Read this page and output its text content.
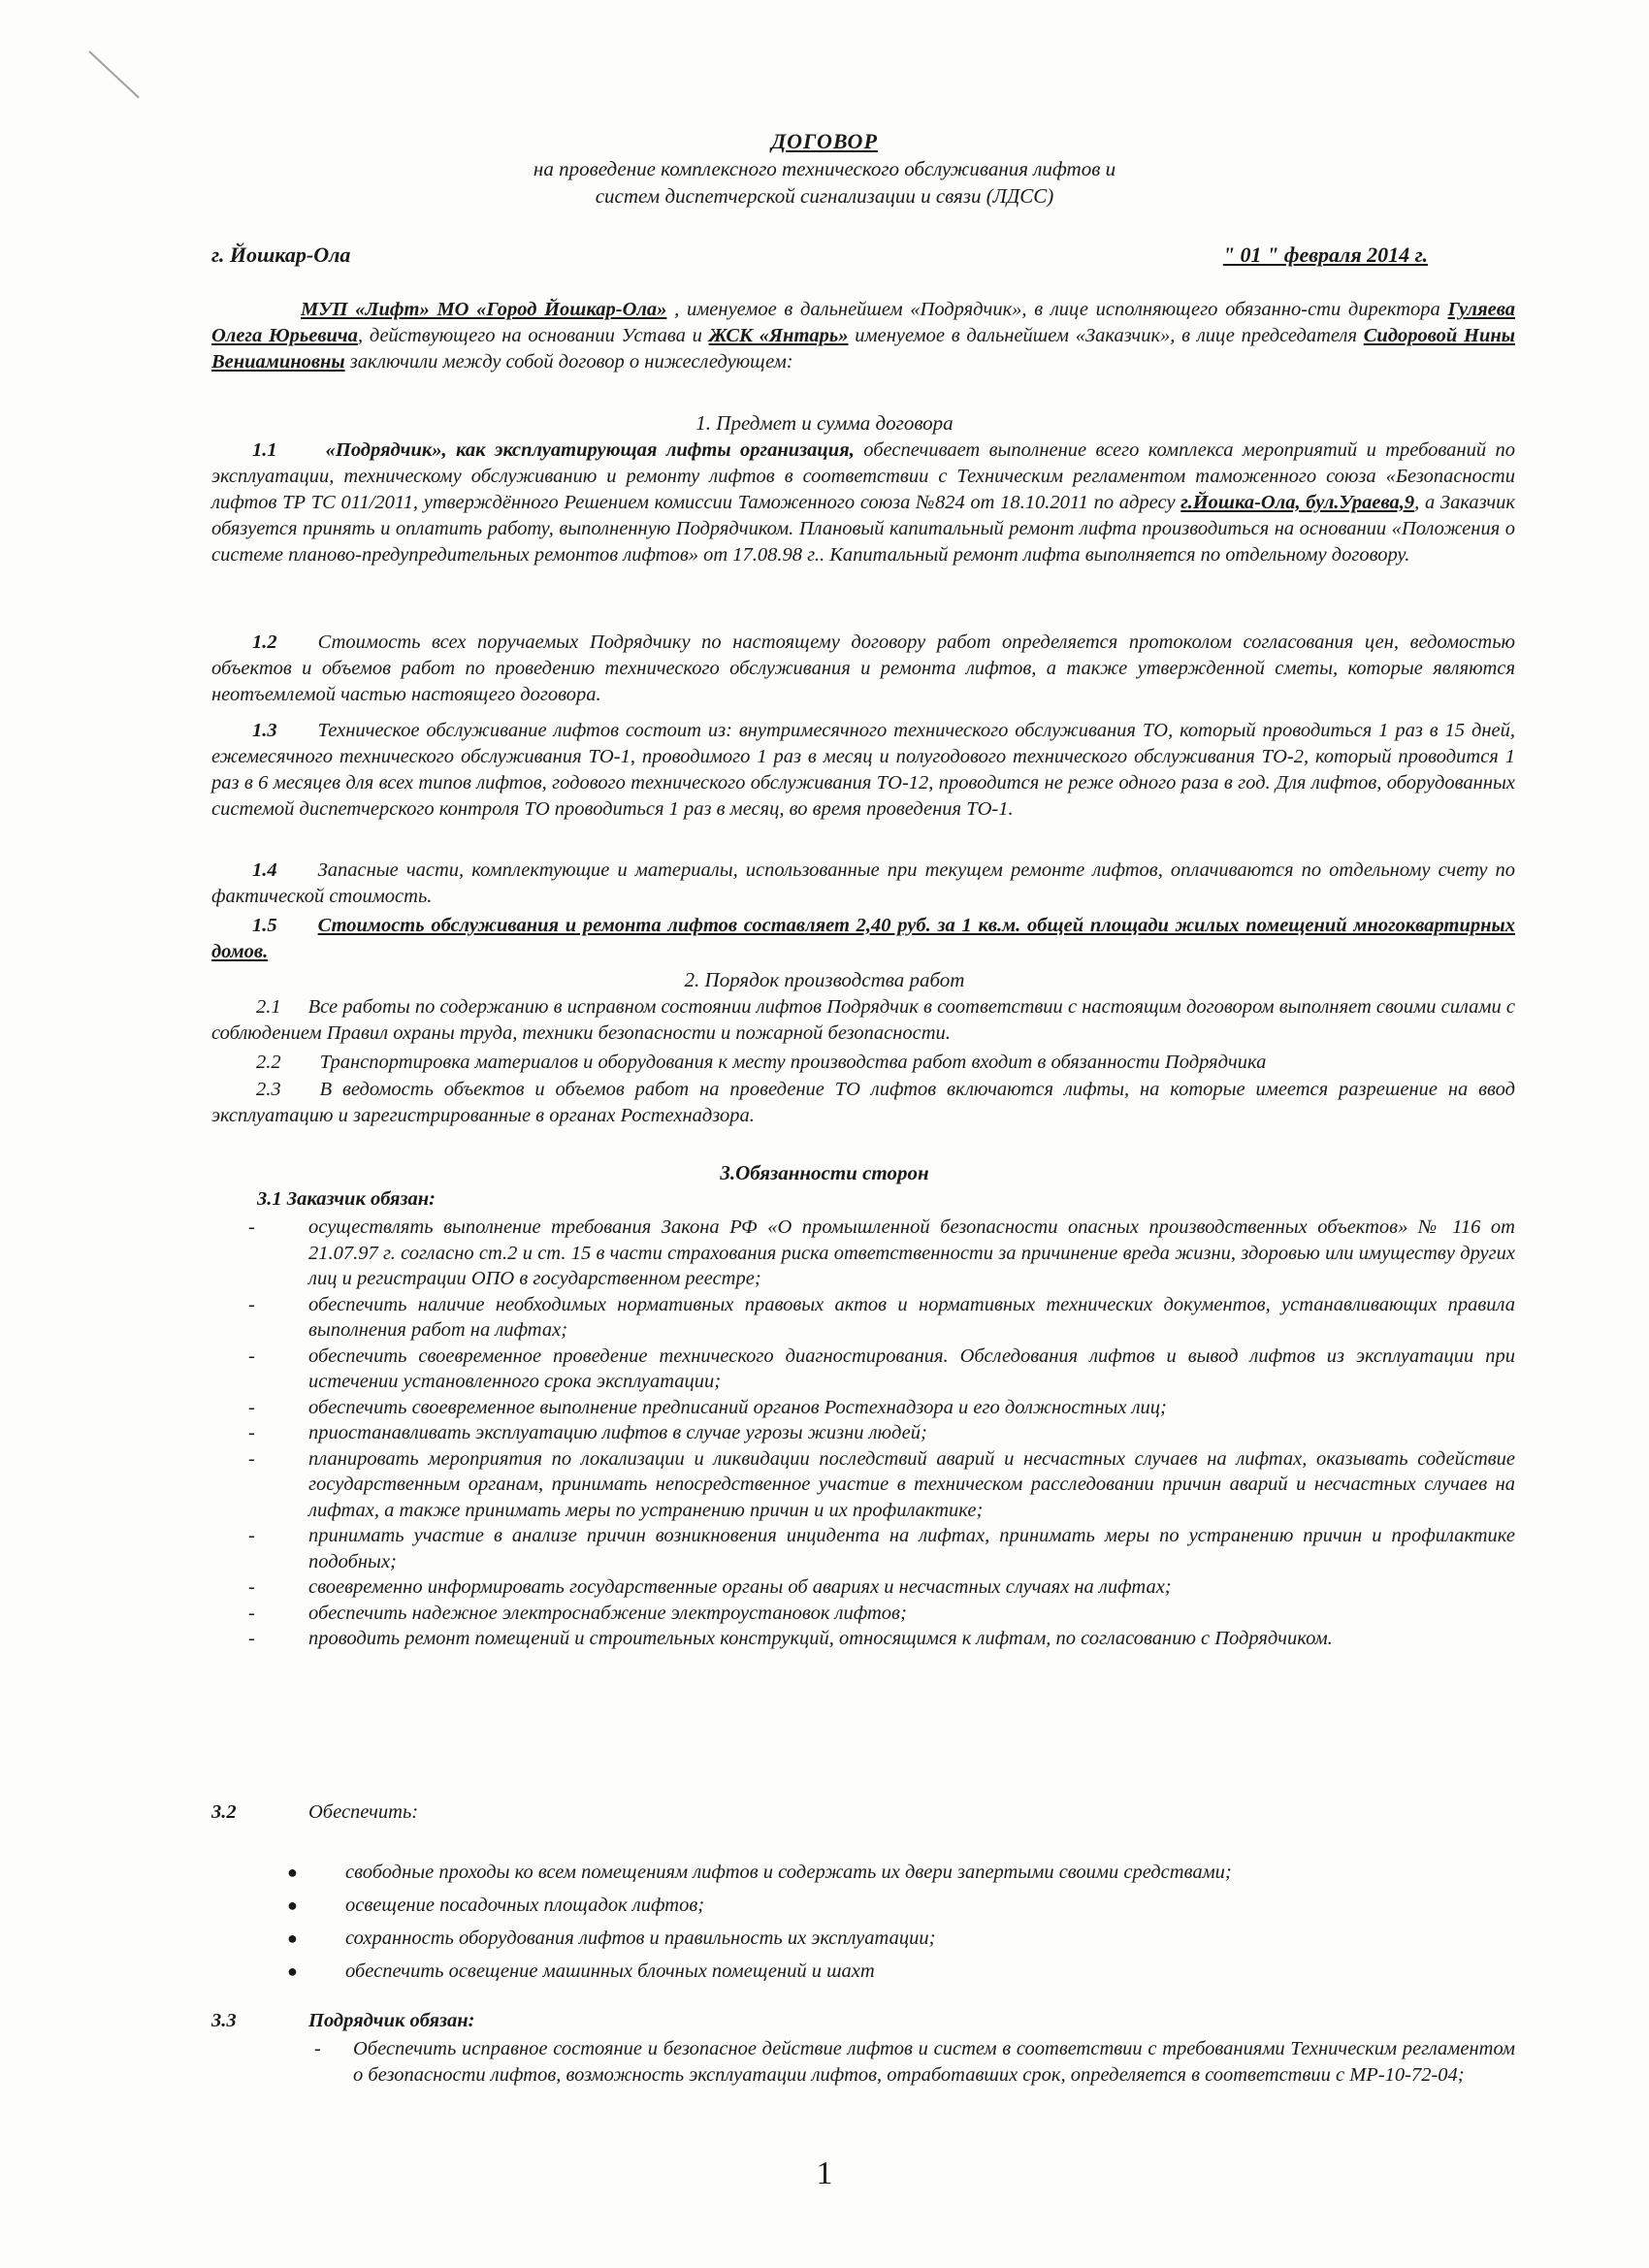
ДОГОВОР
на проведение комплексного технического обслуживания лифтов и
систем диспетчерской сигнализации и связи (ЛДСС)
г. Йошкар-Ола	" 01 " февраля 2014 г.
МУП «Лифт» МО «Город Йошкар-Ола» , именуемое в дальнейшем «Подрядчик», в лице исполняющего обязанно-сти директора Гуляева Олега Юрьевича, действующего на основании Устава и ЖСК «Янтарь» именуемое в дальнейшем «Заказчик», в лице председателя Сидоровой Нины Вениаминовны заключили между собой договор о нижеследующем:
1. Предмет и сумма договора
1.1 «Подрядчик», как эксплуатирующая лифты организация, обеспечивает выполнение всего комплекса мероприятий и требований по эксплуатации, техническому обслуживанию и ремонту лифтов в соответствии с Техническим регламентом таможенного союза «Безопасности лифтов ТР ТС 011/2011, утверждённого Решением комиссии Таможенного союза №824 от 18.10.2011 по адресу г.Йошка-Ола, бул.Ураева,9, а Заказчик обязуется принять и оплатить работу, выполненную Подрядчиком. Плановый капитальный ремонт лифта производиться на основании «Положения о системе планово-предупредительных ремонтов лифтов» от 17.08.98 г.. Капитальный ремонт лифта выполняется по отдельному договору.
1.2 Стоимость всех поручаемых Подрядчику по настоящему договору работ определяется протоколом согласования цен, ведомостью объектов и объемов работ по проведению технического обслуживания и ремонта лифтов, а также утвержденной сметы, которые являются неотъемлемой частью настоящего договора.
1.3 Техническое обслуживание лифтов состоит из: внутримесячного технического обслуживания ТО, который проводиться 1 раз в 15 дней, ежемесячного технического обслуживания ТО-1, проводимого 1 раз в месяц и полугодового технического обслуживания ТО-2, который проводится 1 раз в 6 месяцев для всех типов лифтов, годового технического обслуживания ТО-12, проводится не реже одного раза в год. Для лифтов, оборудованных системой диспетчерского контроля ТО проводиться 1 раз в месяц, во время проведения ТО-1.
1.4 Запасные части, комплектующие и материалы, использованные при текущем ремонте лифтов, оплачиваются по отдельному счету по фактической стоимость.
1.5 Стоимость обслуживания и ремонта лифтов составляет 2,40 руб. за 1 кв.м. общей площади жилых помещений многоквартирных домов.
2. Порядок производства работ
2.1 Все работы по содержанию в исправном состоянии лифтов Подрядчик в соответствии с настоящим договором выполняет своими силами с соблюдением Правил охраны труда, техники безопасности и пожарной безопасности.
2.2 Транспортировка материалов и оборудования к месту производства работ входит в обязанности Подрядчика
2.3 В ведомость объектов и объемов работ на проведение ТО лифтов включаются лифты, на которые имеется разрешение на ввод эксплуатацию и зарегистрированные в органах Ростехнадзора.
3.Обязанности сторон
3.1 Заказчик обязан:
-	осуществлять выполнение требования Закона РФ «О промышленной безопасности опасных производственных объектов» № 116 от 21.07.97 г. согласно ст.2 и ст. 15 в части страхования риска ответственности за причинение вреда жизни, здоровью или имуществу других лиц и регистрации ОПО в государственном реестре;
-	обеспечить наличие необходимых нормативных правовых актов и нормативных технических документов, устанавливающих правила выполнения работ на лифтах;
-	обеспечить своевременное проведение технического диагностирования. Обследования лифтов и вывод лифтов из эксплуатации при истечении установленного срока эксплуатации;
-	обеспечить своевременное выполнение предписаний органов Ростехнадзора и его должностных лиц;
-	приостанавливать эксплуатацию лифтов в случае угрозы жизни людей;
-	планировать мероприятия по локализации и ликвидации последствий аварий и несчастных случаев на лифтах, оказывать содействие государственным органам, принимать непосредственное участие в техническом расследовании причин аварий и несчастных случаев на лифтах, а также принимать меры по устранению причин и их профилактике;
-	принимать участие в анализе причин возникновения инцидента на лифтах, принимать меры по устранению причин и профилактике подобных;
-	своевременно информировать государственные органы об авариях и несчастных случаях на лифтах;
-	обеспечить надежное электроснабжение электроустановок лифтов;
-	проводить ремонт помещений и строительных конструкций, относящимся к лифтам, по согласованию с Подрядчиком.
3.2	Обеспечить:
● свободные проходы ко всем помещениям лифтов и содержать их двери запертыми своими средствами;
● освещение посадочных площадок лифтов;
● сохранность оборудования лифтов и правильность их эксплуатации;
● обеспечить освещение машинных блочных помещений и шахт
3.3	Подрядчик обязан:
- Обеспечить исправное состояние и безопасное действие лифтов и систем в соответствии с требованиями Техническим регламентом о безопасности лифтов, возможность эксплуатации лифтов, отработавших срок, определяется в соответствии с МР-10-72-04;
1
